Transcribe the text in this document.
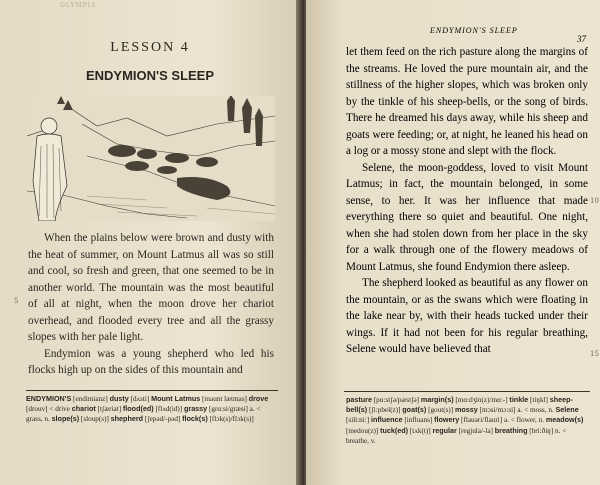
OLYMPIA
LESSON 4
ENDYMION'S SLEEP

When the plains below were brown and dusty with the heat of summer, on Mount Latmus all was so still and cool, so fresh and green, that one seemed to be in another world. The mountain was the most beautiful of all at night, when the moon drove her chariot overhead, and flooded every tree and all the grassy slopes with her pale light.

Endymion was a young shepherd who led his flocks high up on the sides of this mountain and

ENDYMION'S [endimianz] dusty [dʌsti] Mount Latmus [maunt lætmas] drove [drouv] < drive chariot [tʃæriat] flood(ed) [flʌd(id)] grassy [grɑ:si/græsi] a. < grass, n. slope(s) [sloup(s)] shepherd [ʃepəd/-pəd] flock(s) [flɔk(s)/flɔk(s)]
5
ENDYMION'S SLEEP
37

let them feed on the rich pasture along the margins of the streams. He loved the pure mountain air, and the stillness of the higher slopes, which was broken only by the tinkle of his sheep-bells, or the song of birds. There he dreamed his days away, while his sheep and goats were feeding; or, at night, he leaned his head on a log or a mossy stone and slept with the flock.

Selene, the moon-goddess, loved to visit Mount Latmus; in fact, the mountain belonged, in some sense, to her. It was her influence that made everything there so quiet and beautiful. One night, when she had stolen down from her place in the sky for a walk through one of the flowery meadows of Mount Latmus, she found Endymion there asleep.

The shepherd looked as beautiful as any flower on the mountain, or as the swans which were floating in the lake near by, with their heads tucked under their wings. If it had not been for his regular breathing, Selene would have believed that

10
15
pasture [pɑ:stʃə/pæstʃə] margin(s) [mɑ:dʒin(z)/mɑ:-] tinkle [tiŋkl] sheep-bell(s) [ʃi:pbel(z)] goat(s) [gout(s)] mossy [mɔsi/mɔ:si] a. < moss, n. Selene [sili:ni:] influence [influans] flowery [flauəri/flauri] a. < flower, n. meadow(s) [medou(z)] tuck(ed) [tʌk(t)] regular [regjula/-la] breathing [bri:ðiŋ] n. < breathe, v.
